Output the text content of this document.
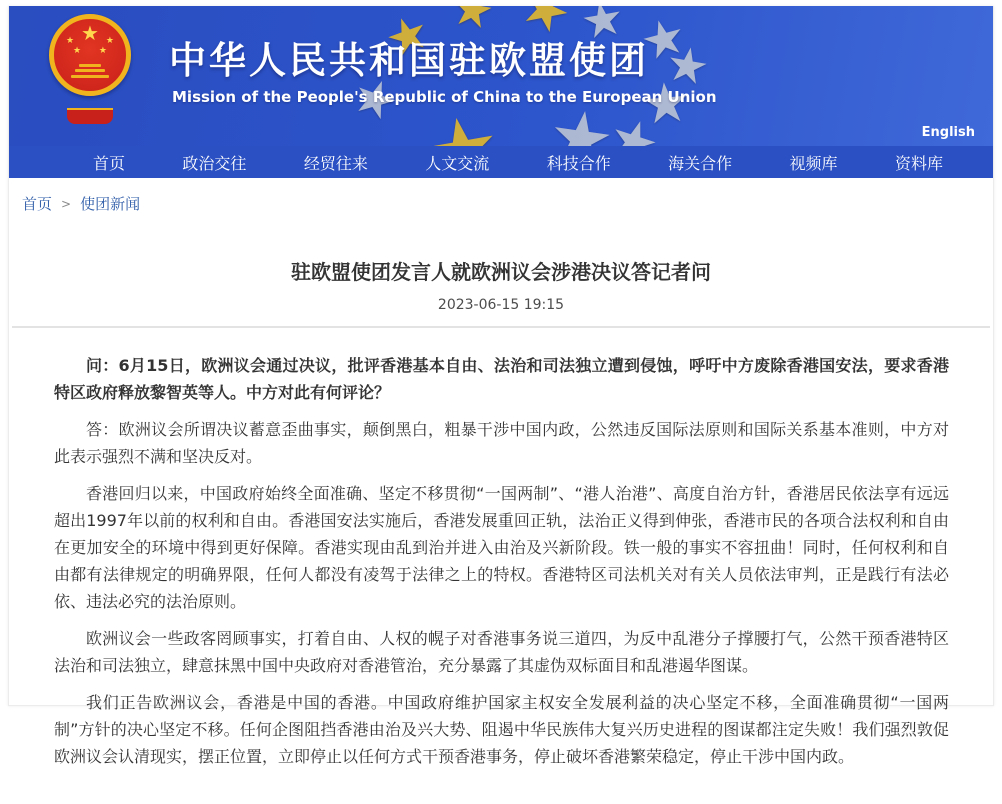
★
★
★
★
★
★
★
★
★
★
★
★
★	★
★ ★ 中华人民共和国驻欧盟使团
Mission of the People's Republic of China to the European Union
English
首页	政治交往	经贸往来	人文交流	科技合作	海关合作	视频库	资料库
首页 > 使团新闻
驻欧盟使团发言人就欧洲议会涉港决议答记者问
2023-06-15 19:15

问：6月15日，欧洲议会通过决议，批评香港基本自由、法治和司法独立遭到侵蚀，呼吁中方废除香港国安法，要求香港特区政府释放黎智英等人。中方对此有何评论？

答：欧洲议会所谓决议蓄意歪曲事实，颠倒黑白，粗暴干涉中国内政，公然违反国际法原则和国际关系基本准则，中方对此表示强烈不满和坚决反对。

香港回归以来，中国政府始终全面准确、坚定不移贯彻“一国两制”、“港人治港”、高度自治方针，香港居民依法享有远远超出1997年以前的权利和自由。香港国安法实施后，香港发展重回正轨，法治正义得到伸张，香港市民的各项合法权利和自由在更加安全的环境中得到更好保障。香港实现由乱到治并进入由治及兴新阶段。铁一般的事实不容扭曲！同时，任何权利和自由都有法律规定的明确界限，任何人都没有凌驾于法律之上的特权。香港特区司法机关对有关人员依法审判，正是践行有法必依、违法必究的法治原则。

欧洲议会一些政客罔顾事实，打着自由、人权的幌子对香港事务说三道四，为反中乱港分子撑腰打气，公然干预香港特区法治和司法独立，肆意抹黑中国中央政府对香港管治，充分暴露了其虚伪双标面目和乱港遏华图谋。

我们正告欧洲议会，香港是中国的香港。中国政府维护国家主权安全发展利益的决心坚定不移，全面准确贯彻“一国两制”方针的决心坚定不移。任何企图阻挡香港由治及兴大势、阻遏中华民族伟大复兴历史进程的图谋都注定失败！我们强烈敦促欧洲议会认清现实，摆正位置，立即停止以任何方式干预香港事务，停止破坏香港繁荣稳定，停止干涉中国内政。
